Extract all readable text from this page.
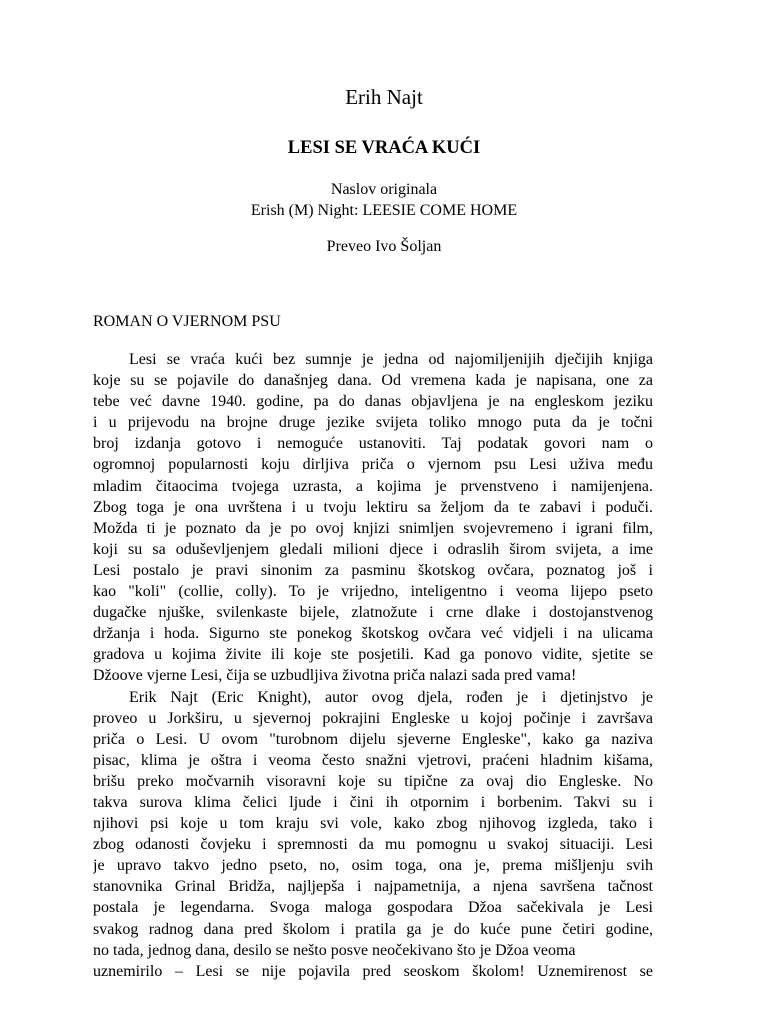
Erih Najt
LESI SE VRAĆA KUĆI
Naslov originala
Erish (M) Night: LEESIE COME HOME
Preveo Ivo Šoljan
ROMAN O VJERNOM PSU
Lesi se vraća kući bez sumnje je jedna od najomiljenijih dječijih knjiga
koje su se pojavile do današnjeg dana. Od vremena kada je napisana, one za
tebe već davne 1940. godine, pa do danas objavljena je na engleskom jeziku
i u prijevodu na brojne druge jezike svijeta toliko mnogo puta da je točni
broj izdanja gotovo i nemoguće ustanoviti. Taj podatak govori nam o
ogromnoj popularnosti koju dirljiva priča o vjernom psu Lesi uživa među
mladim čitaocima tvojega uzrasta, a kojima je prvenstveno i namijenjena.
Zbog toga je ona uvrštena i u tvoju lektiru sa željom da te zabavi i poduči.
Možda ti je poznato da je po ovoj knjizi snimljen svojevremeno i igrani film,
koji su sa oduševljenjem gledali milioni djece i odraslih širom svijeta, a ime
Lesi postalo je pravi sinonim za pasminu škotskog ovčara, poznatog još i
kao "koli" (collie, colly). To je vrijedno, inteligentno i veoma lijepo pseto
dugačke njuške, svilenkaste bijele, zlatnožute i crne dlake i dostojanstvenog
držanja i hoda. Sigurno ste ponekog škotskog ovčara već vidjeli i na ulicama
gradova u kojima živite ili koje ste posjetili. Kad ga ponovo vidite, sjetite se
Džoove vjerne Lesi, čija se uzbudljiva životna priča nalazi sada pred vama!
Erik Najt (Eric Knight), autor ovog djela, rođen je i djetinjstvo je
proveo u Jorkširu, u sjevernoj pokrajini Engleske u kojoj počinje i završava
priča o Lesi. U ovom "turobnom dijelu sjeverne Engleske", kako ga naziva
pisac, klima je oštra i veoma često snažni vjetrovi, praćeni hladnim kišama,
brišu preko močvarnih visoravni koje su tipične za ovaj dio Engleske. No
takva surova klima čelici ljude i čini ih otpornim i borbenim. Takvi su i
njihovi psi koje u tom kraju svi vole, kako zbog njihovog izgleda, tako i
zbog odanosti čovjeku i spremnosti da mu pomognu u svakoj situaciji. Lesi
je upravo takvo jedno pseto, no, osim toga, ona je, prema mišljenju svih
stanovnika Grinal Bridža, najljepša i najpametnija, a njena savršena tačnost
postala je legendarna. Svoga maloga gospodara Džoa sačekivala je Lesi
svakog radnog dana pred školom i pratila ga je do kuće pune četiri godine,
no tada, jednog dana, desilo se nešto posve neočekivano što je Džoa veoma
uznemirilo – Lesi se nije pojavila pred seoskom školom! Uznemirenost se
